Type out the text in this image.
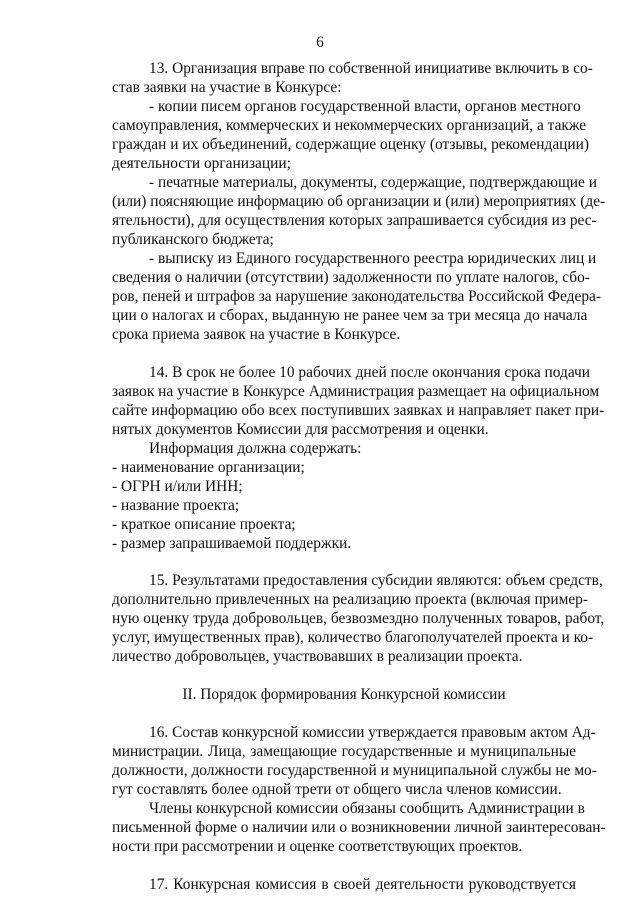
6
13. Организация вправе по собственной инициативе включить в со-
став заявки на участие в Конкурсе:
- копии писем органов государственной власти, органов местного
самоуправления, коммерческих и некоммерческих организаций, а также
граждан и их объединений, содержащие оценку (отзывы, рекомендации)
деятельности организации;
- печатные материалы, документы, содержащие, подтверждающие и
(или) поясняющие информацию об организации и (или) мероприятиях (де-
ятельности), для осуществления которых запрашивается субсидия из рес-
публиканского бюджета;
- выписку из Единого государственного реестра юридических лиц и
сведения о наличии (отсутствии) задолженности по уплате налогов, сбо-
ров, пеней и штрафов за нарушение законодательства Российской Федера-
ции о налогах и сборах, выданную не ранее чем за три месяца до начала
срока приема заявок на участие в Конкурсе.
14. В срок не более 10 рабочих дней после окончания срока подачи
заявок на участие в Конкурсе Администрация размещает на официальном
сайте информацию обо всех поступивших заявках и направляет пакет при-
нятых документов Комиссии для рассмотрения и оценки.
Информация должна содержать:
- наименование организации;
- ОГРН и/или ИНН;
- название проекта;
- краткое описание проекта;
- размер запрашиваемой поддержки.
15. Результатами предоставления субсидии являются: объем средств,
дополнительно привлеченных на реализацию проекта (включая пример-
ную оценку труда добровольцев, безвозмездно полученных товаров, работ,
услуг, имущественных прав), количество благополучателей проекта и ко-
личество добровольцев, участвовавших в реализации проекта.
II. Порядок формирования Конкурсной комиссии
16. Состав конкурсной комиссии утверждается правовым актом Ад-
министрации. Лица, замещающие государственные и муниципальные
должности, должности государственной и муниципальной службы не мо-
гут составлять более одной трети от общего числа членов комиссии.
Члены конкурсной комиссии обязаны сообщить Администрации в
письменной форме о наличии или о возникновении личной заинтересован-
ности при рассмотрении и оценке соответствующих проектов.
17. Конкурсная комиссия в своей деятельности руководствуется
